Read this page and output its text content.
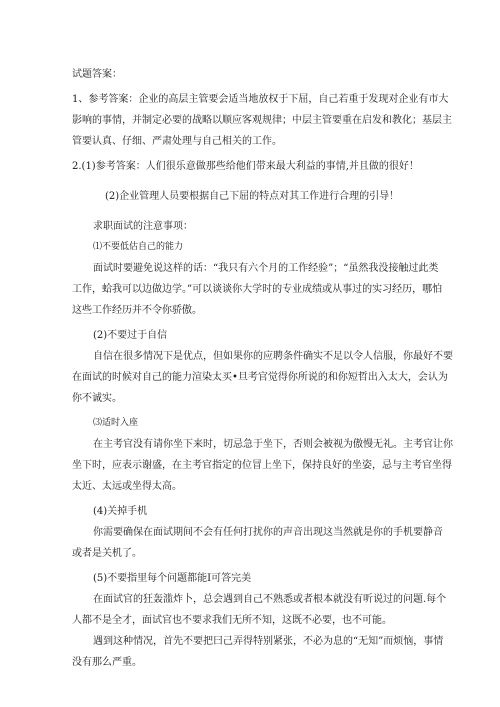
试题答案：

1、参考答案：企业的高层主管要会适当地放权于下屈，自己若重于发现对企业有市大

影响的事情，并制定必要的战略以顺应客观规律；中层主管要重在启发和教化；基层主

管要认真、仔细、严肃处理与自己相关的工作。

2.(1)参考答案：人们很乐意做那些给他们带来最大利益的事情,并且做的很好！

(2)企业管理人员要根据自己下屈的特点对其工作进行合理的引导！

求职面试的注意事项：

⑴不要低估自己的能力

面试时要避免说这样的话：“我只有六个月的工作经验”；“虽然我没接触过此类

工作，蛤我可以边做边学。”可以谈谈你大学时的专业成绩或从事过的实习经历，哪怕

这些工作经历并不令你骄傲。

(2)不要过于自信

自信在很多情况下是优点，但如果你的应聘条件确实不足以令人信服，你最好不要

在面试的时候对自己的能力渲染太买•旦考官觉得你所说的和你短哲出入太大，会认为

你不诚实。

⑶适时入座

在主考官没有请你坐下来时，切忌急于坐下，否则会被视为傲慢无礼。主考官让你

坐下时，应表示谢盛，在主考官指定的位冒上坐下，保持良好的坐姿，忌与主考官坐得

太近、太远或坐得太高。

(4)关掉手机

你需要确保在面试期间不会有任何打扰你的声音出现这当然就是你的手机要静音

或者是关机了。

(5)不要指里每个问题都能I可答完美

在面试官的狂轰滥炸卜，总会遇到自己不熟悉或者根本就没有听说过的问题.每个

人都不是全才，面试官也不要求我们无所不知，这既不必要，也不可能。

遇到这种情况，首先不要把曰己弄得特别紧张，不必为息的“无知”而烦恼，事情

没有那么严重。
